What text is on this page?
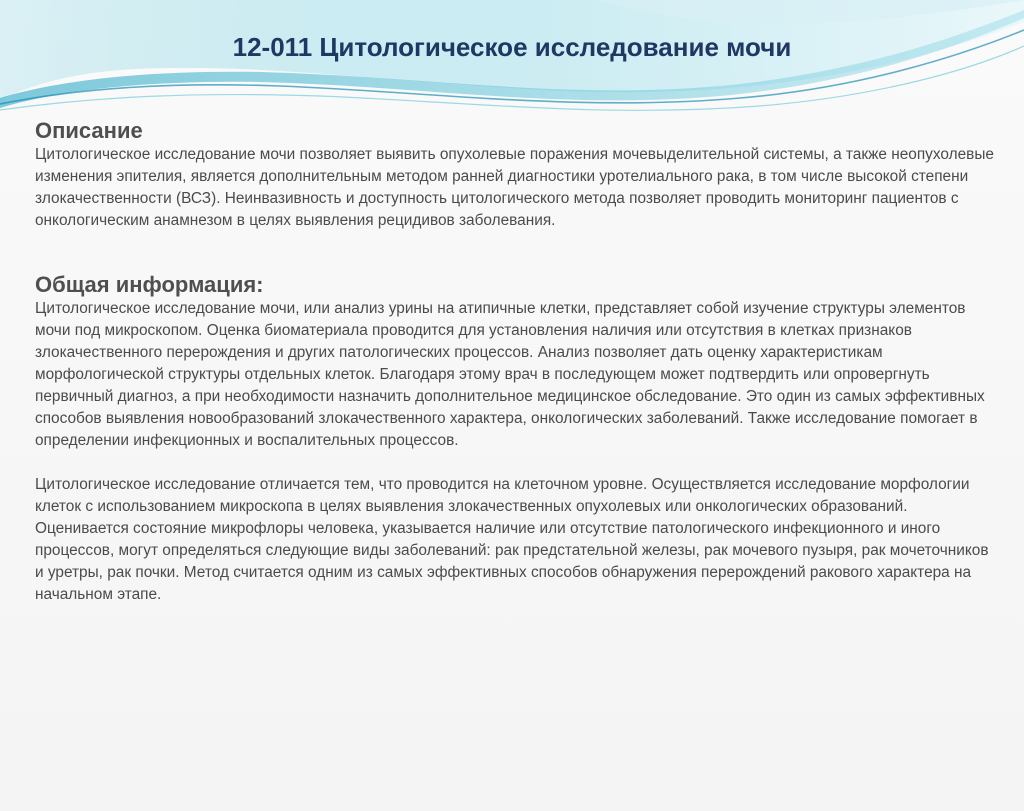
12-011 Цитологическое исследование мочи
Описание

Цитологическое исследование мочи позволяет выявить опухолевые поражения мочевыделительной системы, а также неопухолевые изменения эпителия, является дополнительным методом ранней диагностики уротелиального рака, в том числе высокой степени злокачественности (ВСЗ). Неинвазивность и доступность цитологического метода позволяет проводить мониторинг пациентов с онкологическим анамнезом в целях выявления рецидивов заболевания.

Общая информация:

Цитологическое исследование мочи, или анализ урины на атипичные клетки, представляет собой изучение структуры элементов мочи под микроскопом. Оценка биоматериала проводится для установления наличия или отсутствия в клетках признаков злокачественного перерождения и других патологических процессов. Анализ позволяет дать оценку характеристикам морфологической структуры отдельных клеток. Благодаря этому врач в последующем может подтвердить или опровергнуть первичный диагноз, а при необходимости назначить дополнительное медицинское обследование. Это один из самых эффективных способов выявления новообразований злокачественного характера, онкологических заболеваний. Также исследование помогает в определении инфекционных и воспалительных процессов.

Цитологическое исследование отличается тем, что проводится на клеточном уровне. Осуществляется исследование морфологии клеток с использованием микроскопа в целях выявления злокачественных опухолевых или онкологических образований. Оценивается состояние микрофлоры человека, указывается наличие или отсутствие патологического инфекционного и иного процессов, могут определяться следующие виды заболеваний: рак предстательной железы, рак мочевого пузыря, рак мочеточников и уретры, рак почки. Метод считается одним из самых эффективных способов обнаружения перерождений ракового характера на начальном этапе.
